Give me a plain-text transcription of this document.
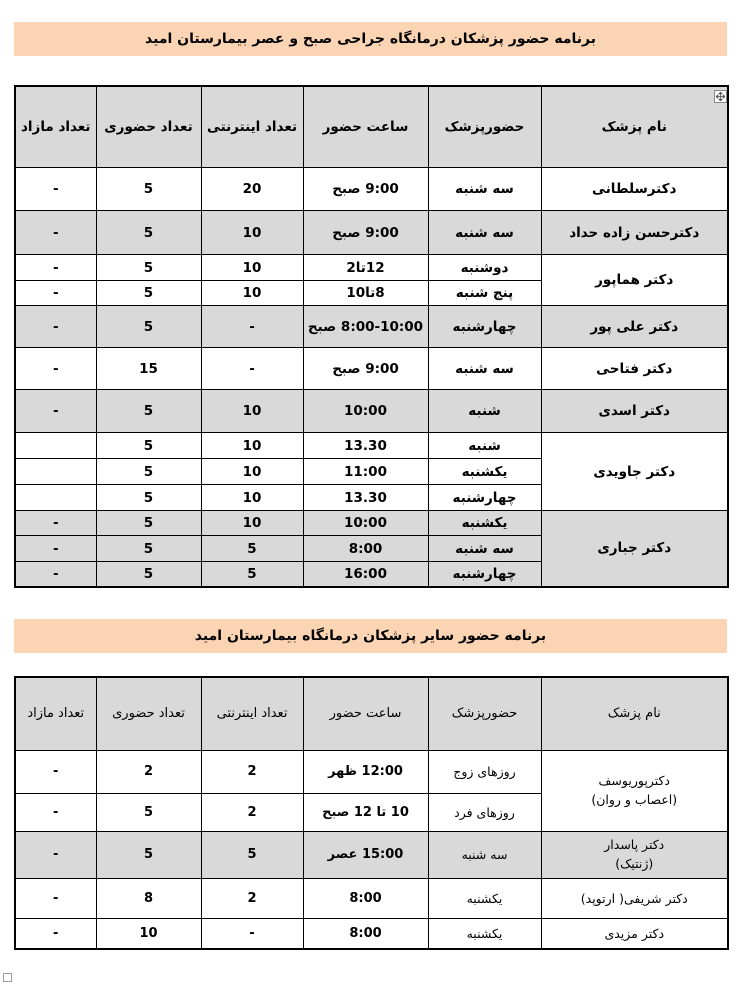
برنامه حضور پزشکان درمانگاه جراحی صبح و عصر بیمارستان امید
نام پزشک	حضورپزشک	ساعت حضور	تعداد اینترنتی	تعداد حضوری	تعداد مازاد
دکترسلطانی	سه شنبه	9:00 صبح	20	5	-
دکترحسن زاده حداد	سه شنبه	9:00 صبح	10	5	-
دکتر هماپور	دوشنبه	12تا2	10	5	-
	پنج شنبه	8تا10	10	5	-
دکتر علی پور	چهارشنبه	8:00-10:00 صبح	-	5	-
دکتر فتاحی	سه شنبه	9:00 صبح	-	15	-
دکتر اسدی	شنبه	10:00	10	5	-
دکتر جاویدی	شنبه	13.30	10	5	
	یکشنبه	11:00	10	5	
	چهارشنبه	13.30	10	5	
دکتر جباری	یکشنبه	10:00	10	5	-
	سه شنبه	8:00	5	5	-
	چهارشنبه	16:00	5	5	-
برنامه حضور سایر پزشکان درمانگاه بیمارستان امید
نام پزشک	حضورپزشک	ساعت حضور	تعداد اینترنتی	تعداد حضوری	تعداد مازاد

دکترپوریوسف
(اعصاب و روان)	روزهای زوج	12:00 ظهر	2	2	-
	روزهای فرد	10 تا 12 صبح	2	5	-

دکتر پاسدار
(ژنتیک)	سه شنبه	15:00 عصر	5	5	-
دکتر شریفی( ارتوپد)	یکشنبه	8:00	2	8	-
دکتر مزیدی	یکشنبه	8:00	-	10	-
